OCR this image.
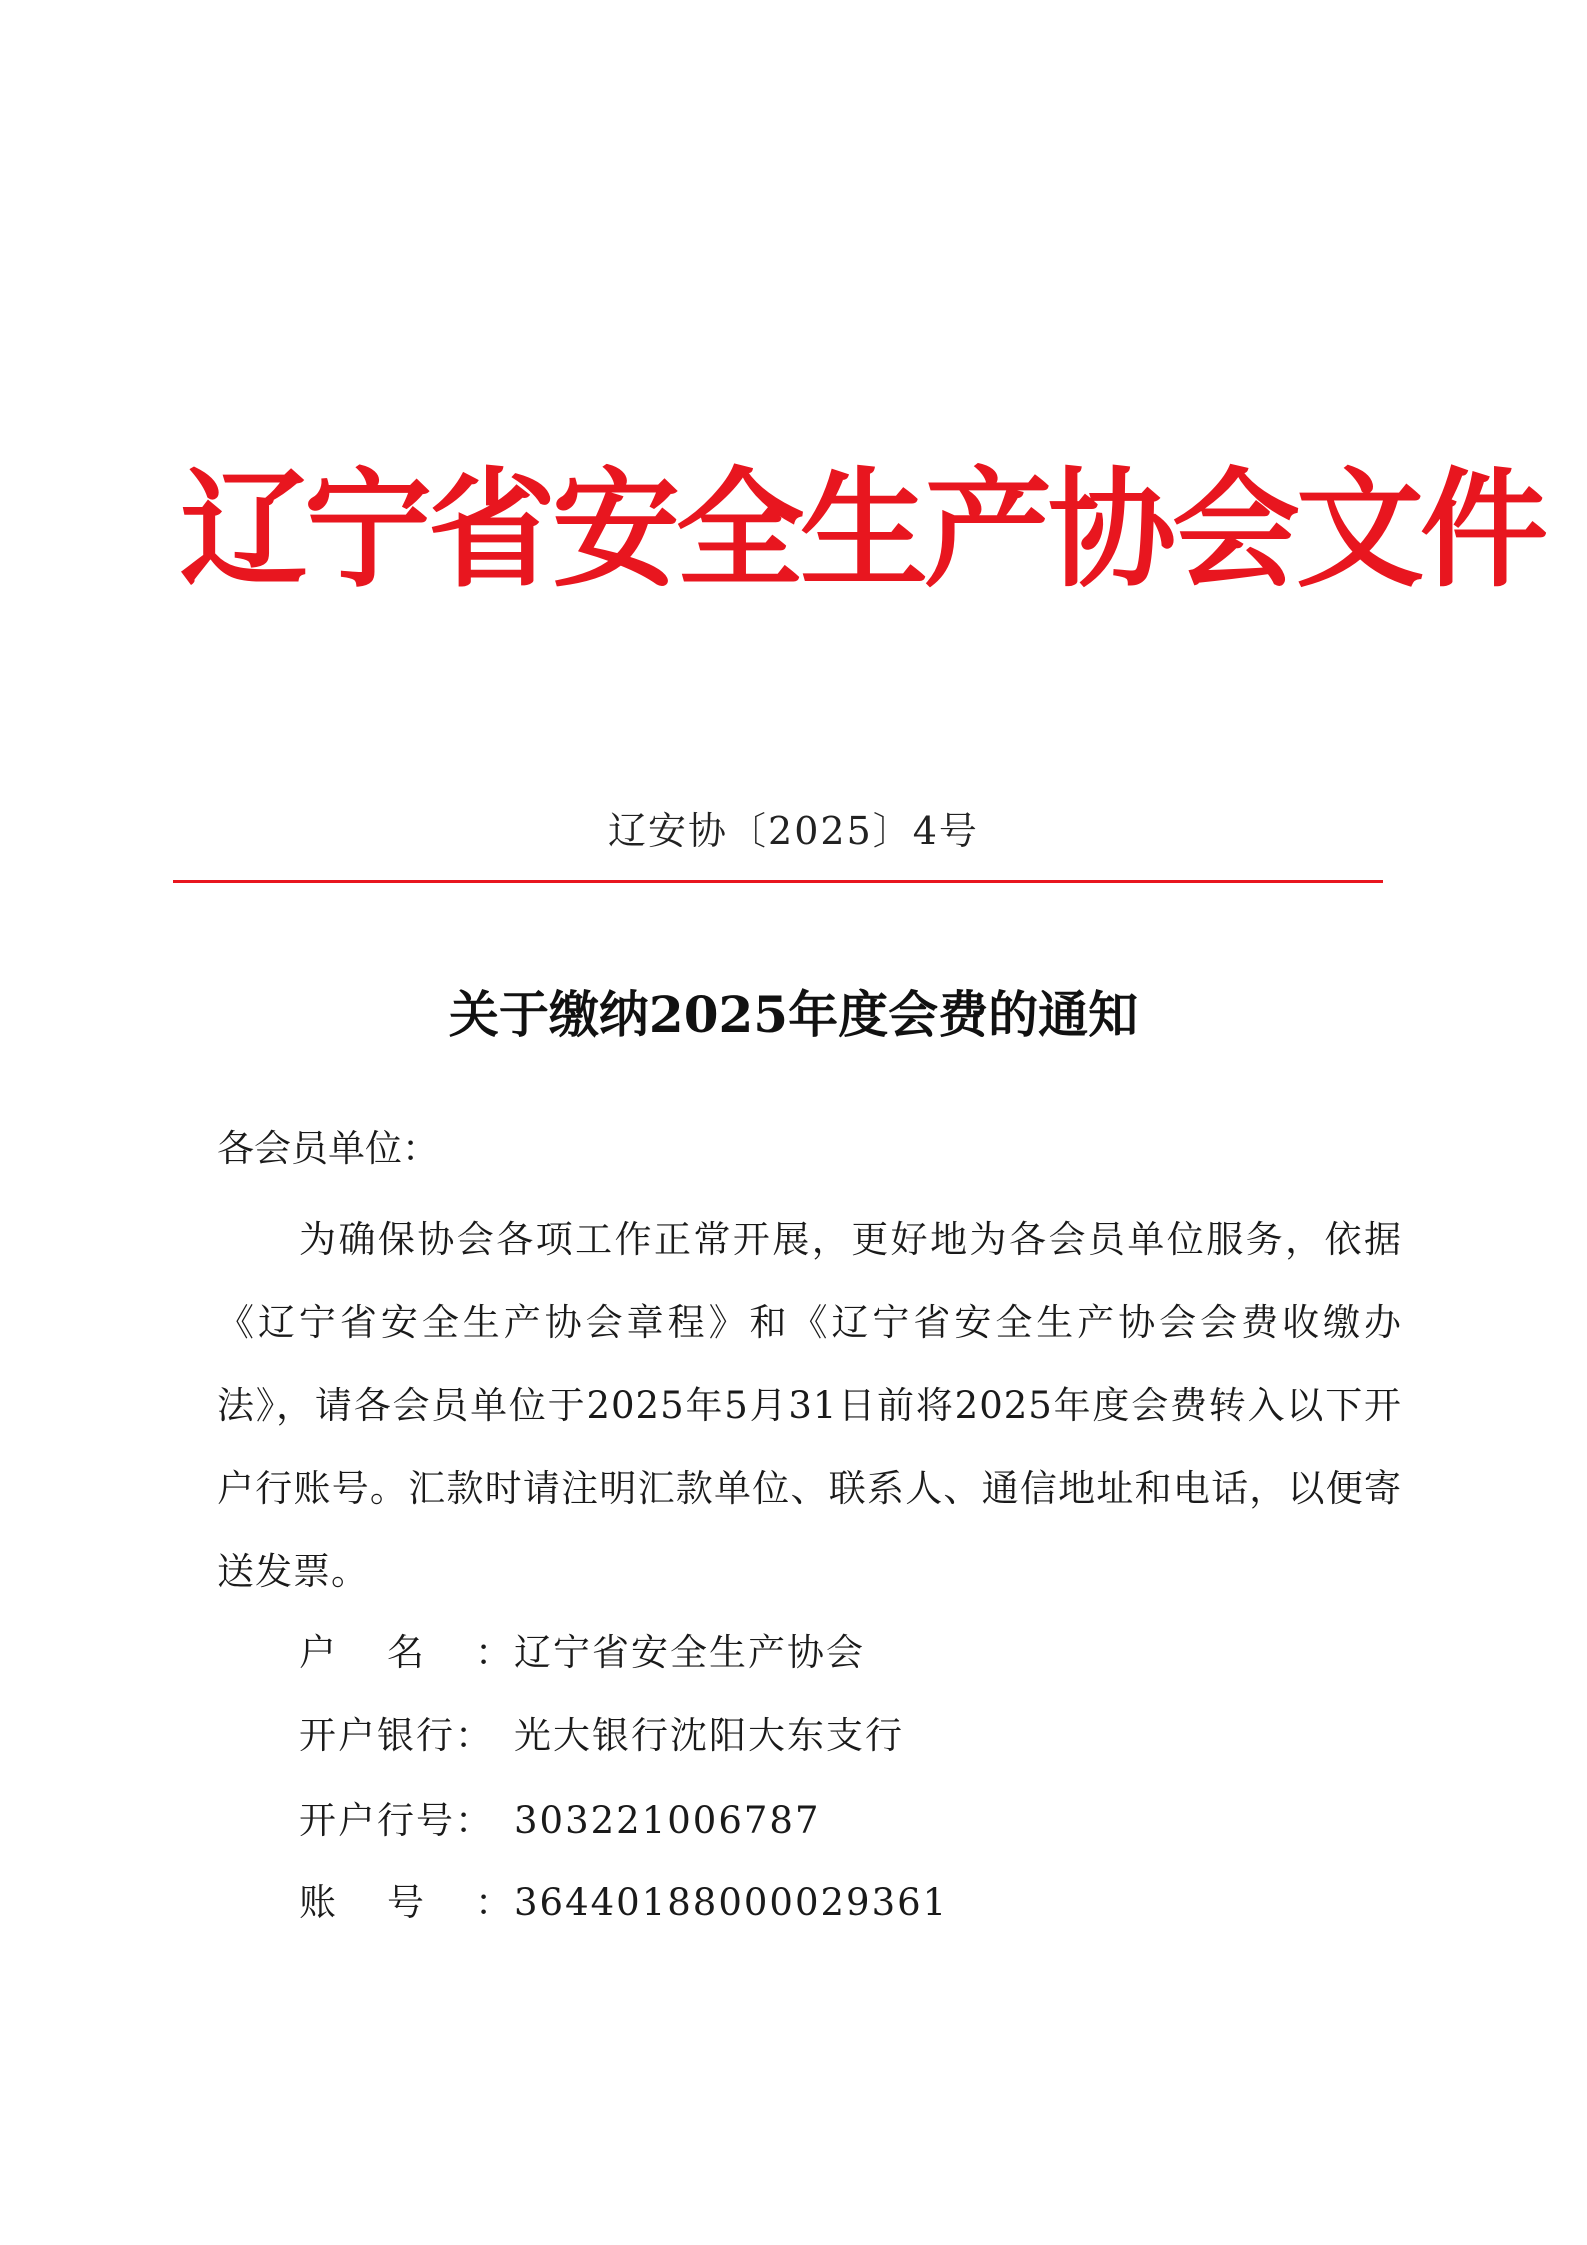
辽宁省安全生产协会文件
辽安协〔2025〕4号
关于缴纳2025年度会费的通知
各会员单位：
为确保协会各项工作正常开展，更好地为各会员单位服务，依据《辽宁省安全生产协会章程》和《辽宁省安全生产协会会费收缴办法》，请各会员单位于2025年5月31日前将2025年度会费转入以下开户行账号。汇款时请注明汇款单位、联系人、通信地址和电话，以便寄送发票。
户名：辽宁省安全生产协会
开户银行： 光大银行沈阳大东支行
开户行号： 303221006787
账号：36440188000029361
